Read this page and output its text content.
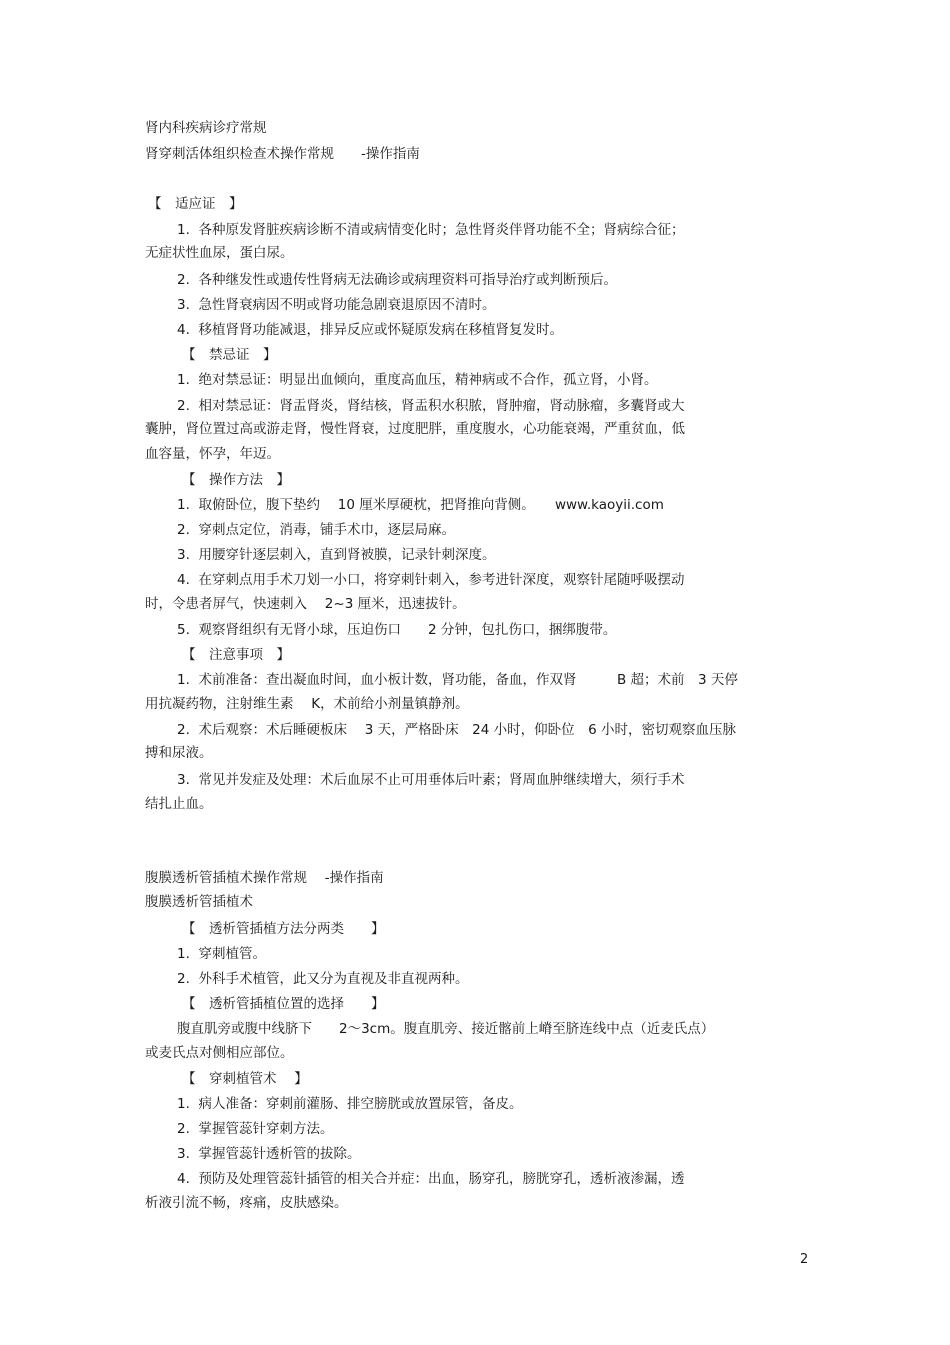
肾内科疾病诊疗常规
肾穿刺活体组织检查术操作常规　　-操作指南
【　适应证　】
1.  各种原发肾脏疾病诊断不清或病情变化时；急性肾炎伴肾功能不全；肾病综合征；
无症状性血尿，蛋白尿。
2.  各种继发性或遗传性肾病无法确诊或病理资料可指导治疗或判断预后。
3.  急性肾衰病因不明或肾功能急剧衰退原因不清时。
4.  移植肾肾功能减退，排异反应或怀疑原发病在移植肾复发时。
【　禁忌证　】
1.  绝对禁忌证：明显出血倾向，重度高血压，精神病或不合作，孤立肾，小肾。
2.  相对禁忌证：肾盂肾炎，肾结核，肾盂积水积脓，肾肿瘤，肾动脉瘤，多囊肾或大
囊肿，肾位置过高或游走肾，慢性肾衰，过度肥胖，重度腹水，心功能衰竭，严重贫血，低
血容量，怀孕，年迈。
【　操作方法　】
1.  取俯卧位，腹下垫约　 10 厘米厚硬枕，把肾推向背侧。　　www.kaoyii.com
2.  穿刺点定位，消毒，铺手术巾，逐层局麻。
3.  用腰穿针逐层刺入，直到肾被膜，记录针刺深度。
4.  在穿刺点用手术刀划一小口，将穿刺针刺入，参考进针深度，观察针尾随呼吸摆动
时，令患者屏气，快速刺入　 2~3 厘米，迅速拔针。
5.  观察肾组织有无肾小球，压迫伤口　　2 分钟，包扎伤口，捆绑腹带。
【　注意事项　】
1.  术前准备：查出凝血时间，血小板计数，肾功能，备血，作双肾　　　B 超；术前　3 天停
用抗凝药物，注射维生素　 K，术前给小剂量镇静剂。
2.  术后观察：术后睡硬板床　 3 天，严格卧床　24 小时，仰卧位　6 小时，密切观察血压脉
搏和尿液。
3.  常见并发症及处理：术后血尿不止可用垂体后叶素；肾周血肿继续增大，须行手术
结扎止血。
腹膜透析管插植术操作常规　 -操作指南
腹膜透析管插植术
【　透析管插植方法分两类　　】
1.  穿刺植管。
2.  外科手术植管，此又分为直视及非直视两种。
【　透析管插植位置的选择　　】
腹直肌旁或腹中线脐下　　2～3cm。腹直肌旁、接近髂前上嵴至脐连线中点（近麦氏点）
或麦氏点对侧相应部位。
【　穿刺植管术　 】
1.  病人准备：穿刺前灌肠、排空膀胱或放置尿管，备皮。
2.  掌握管蕊针穿刺方法。
3.  掌握管蕊针透析管的拔除。
4.  预防及处理管蕊针插管的相关合并症：出血，肠穿孔，膀胱穿孔，透析液渗漏，透
析液引流不畅，疼痛，皮肤感染。
2
